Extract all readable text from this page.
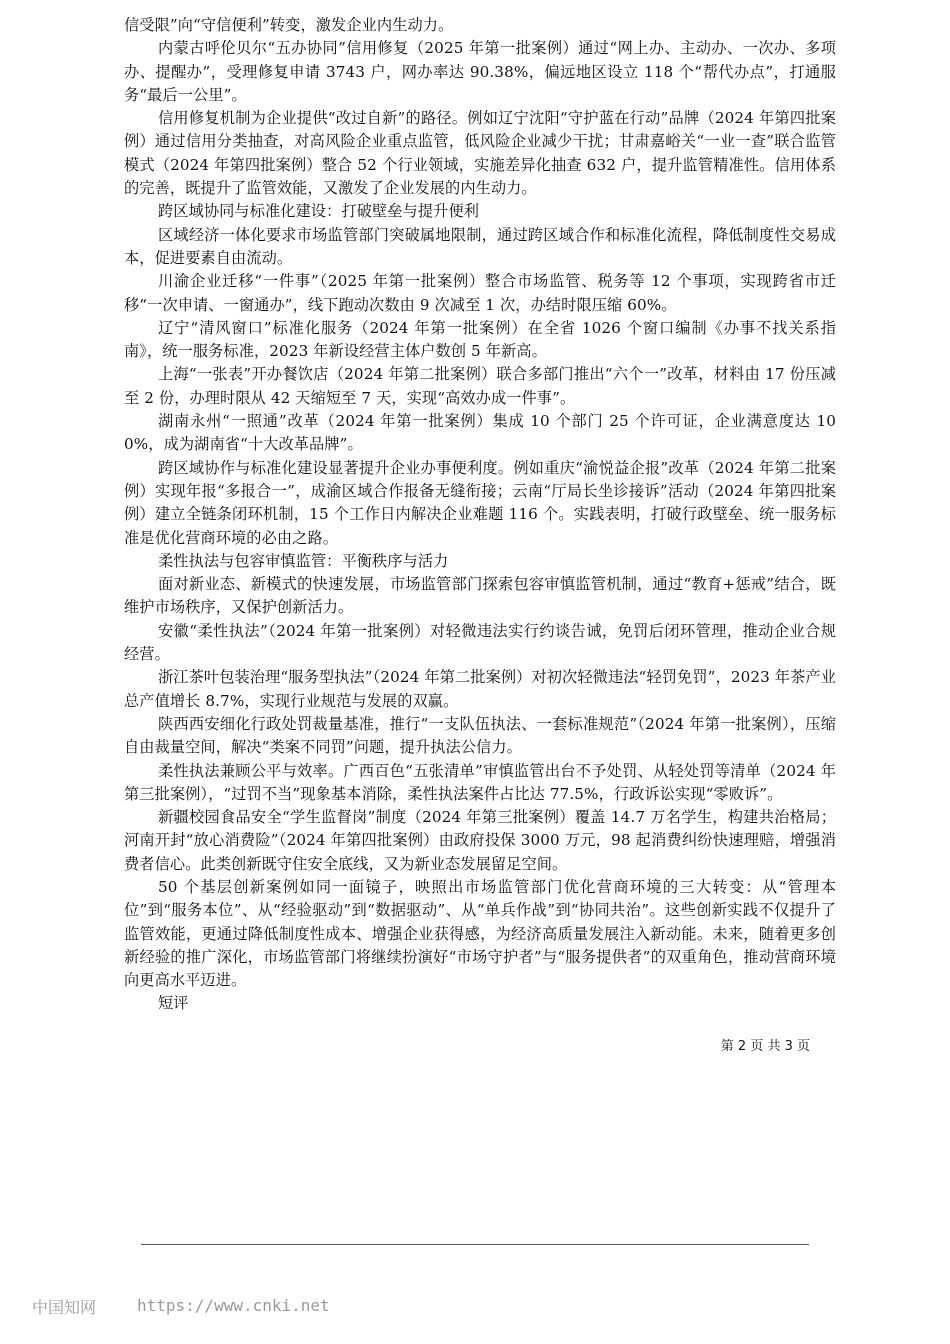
信受限”向“守信便利”转变，激发企业内生动力。

内蒙古呼伦贝尔“五办协同”信用修复（2025 年第一批案例）通过“网上办、主动办、一次办、多项办、提醒办”，受理修复申请 3743 户，网办率达 90.38%，偏远地区设立 118 个“帮代办点”，打通服务“最后一公里”。

信用修复机制为企业提供“改过自新”的路径。例如辽宁沈阳“守护蓝在行动”品牌（2024 年第四批案例）通过信用分类抽查，对高风险企业重点监管，低风险企业减少干扰；甘肃嘉峪关“一业一查”联合监管模式（2024 年第四批案例）整合 52 个行业领域，实施差异化抽查 632 户，提升监管精准性。信用体系的完善，既提升了监管效能，又激发了企业发展的内生动力。

跨区域协同与标准化建设：打破壁垒与提升便利

区域经济一体化要求市场监管部门突破属地限制，通过跨区域合作和标准化流程，降低制度性交易成本，促进要素自由流动。

川渝企业迁移“一件事”（2025 年第一批案例）整合市场监管、税务等 12 个事项，实现跨省市迁移“一次申请、一窗通办”，线下跑动次数由 9 次减至 1 次，办结时限压缩 60%。

辽宁“清风窗口”标准化服务（2024 年第一批案例）在全省 1026 个窗口编制《办事不找关系指南》，统一服务标准，2023 年新设经营主体户数创 5 年新高。

上海“一张表”开办餐饮店（2024 年第二批案例）联合多部门推出“六个一”改革，材料由 17 份压减至 2 份，办理时限从 42 天缩短至 7 天，实现“高效办成一件事”。

湖南永州“一照通”改革（2024 年第一批案例）集成 10 个部门 25 个许可证，企业满意度达 100%，成为湖南省“十大改革品牌”。

跨区域协作与标准化建设显著提升企业办事便利度。例如重庆“渝悦益企报”改革（2024 年第二批案例）实现年报“多报合一”，成渝区域合作报备无缝衔接；云南“厅局长坐诊接诉”活动（2024 年第四批案例）建立全链条闭环机制，15 个工作日内解决企业难题 116 个。实践表明，打破行政壁垒、统一服务标准是优化营商环境的必由之路。

柔性执法与包容审慎监管：平衡秩序与活力

面对新业态、新模式的快速发展，市场监管部门探索包容审慎监管机制，通过“教育+惩戒”结合，既维护市场秩序，又保护创新活力。

安徽“柔性执法”（2024 年第一批案例）对轻微违法实行约谈告诫，免罚后闭环管理，推动企业合规经营。

浙江茶叶包装治理“服务型执法”（2024 年第二批案例）对初次轻微违法“轻罚免罚”，2023 年茶产业总产值增长 8.7%，实现行业规范与发展的双赢。

陕西西安细化行政处罚裁量基准，推行“一支队伍执法、一套标准规范”（2024 年第一批案例），压缩自由裁量空间，解决“类案不同罚”问题，提升执法公信力。

柔性执法兼顾公平与效率。广西百色“五张清单”审慎监管出台不予处罚、从轻处罚等清单（2024 年第三批案例），“过罚不当”现象基本消除，柔性执法案件占比达 77.5%，行政诉讼实现“零败诉”。

新疆校园食品安全“学生监督岗”制度（2024 年第三批案例）覆盖 14.7 万名学生，构建共治格局；河南开封“放心消费险”（2024 年第四批案例）由政府投保 3000 万元，98 起消费纠纷快速理赔，增强消费者信心。此类创新既守住安全底线，又为新业态发展留足空间。

50 个基层创新案例如同一面镜子，映照出市场监管部门优化营商环境的三大转变：从“管理本位”到“服务本位”、从“经验驱动”到“数据驱动”、从“单兵作战”到“协同共治”。这些创新实践不仅提升了监管效能，更通过降低制度性成本、增强企业获得感，为经济高质量发展注入新动能。未来，随着更多创新经验的推广深化，市场监管部门将继续扮演好“市场守护者”与“服务提供者”的双重角色，推动营商环境向更高水平迈进。

短评

第 2 页 共 3 页
中国知网	https://www.cnki.net
